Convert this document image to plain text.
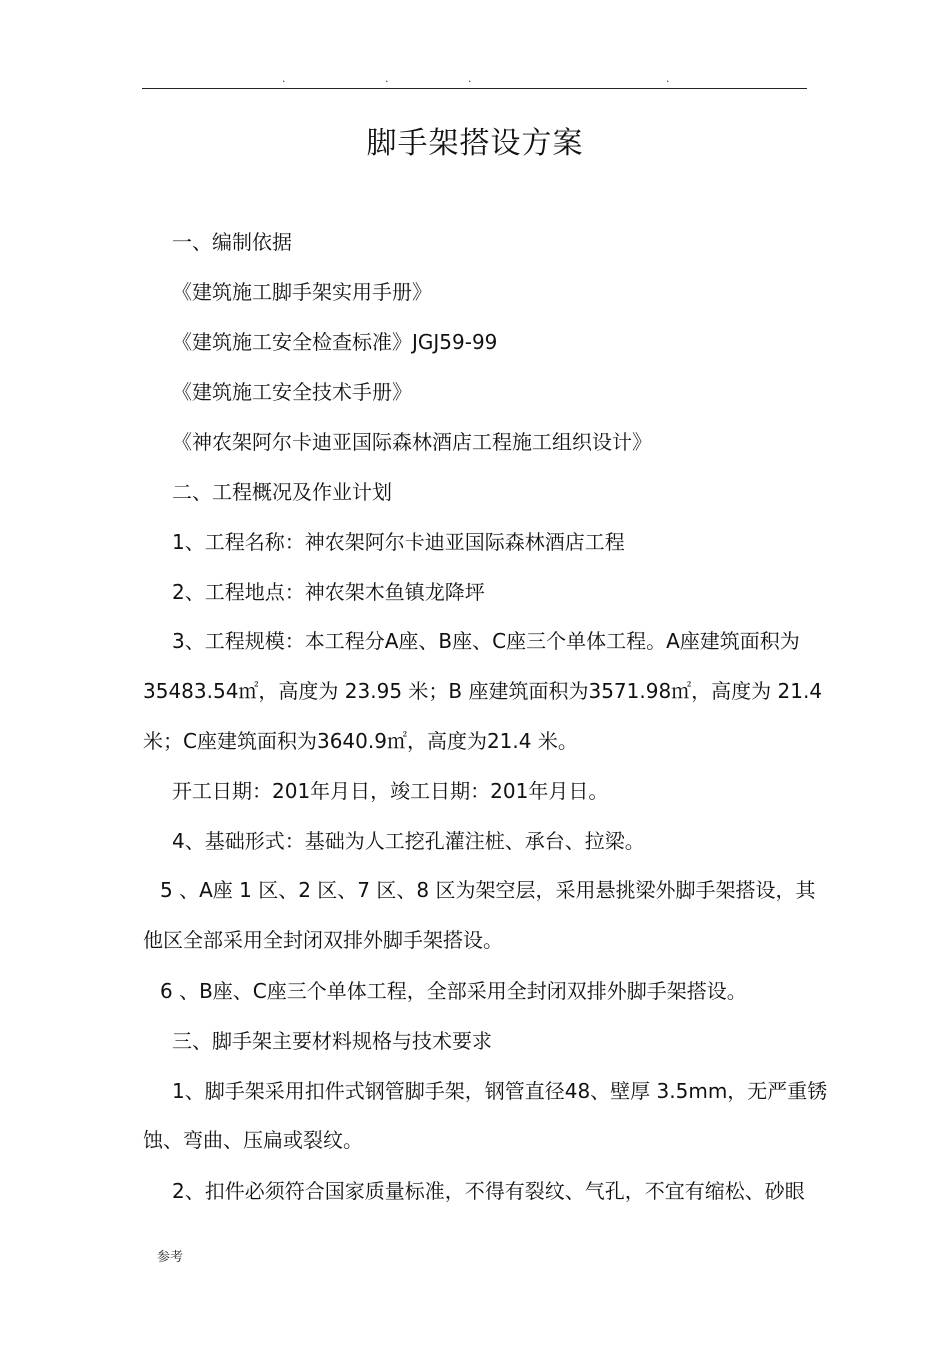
.	.	.	.
脚手架搭设方案
一、编制依据
《建筑施工脚手架实用手册》
《建筑施工安全检查标准》JGJ59-99
《建筑施工安全技术手册》
《神农架阿尔卡迪亚国际森林酒店工程施工组织设计》
二、工程概况及作业计划
1、工程名称：神农架阿尔卡迪亚国际森林酒店工程
2、工程地点：神农架木鱼镇龙降坪
3、工程规模：本工程分A座、B座、C座三个单体工程。A座建筑面积为
35483.54㎡，高度为 23.95 米；B 座建筑面积为3571.98㎡，高度为 21.4
米；C座建筑面积为3640.9㎡，高度为21.4 米。
开工日期：201年月日，竣工日期：201年月日。
4、基础形式：基础为人工挖孔灌注桩、承台、拉梁。
5 、A座 1 区、2 区、7 区、8 区为架空层，采用悬挑梁外脚手架搭设，其
他区全部采用全封闭双排外脚手架搭设。
6 、B座、C座三个单体工程，全部采用全封闭双排外脚手架搭设。
三、脚手架主要材料规格与技术要求
1、脚手架采用扣件式钢管脚手架，钢管直径48、壁厚 3.5mm，无严重锈
蚀、弯曲、压扁或裂纹。
2、扣件必须符合国家质量标准，不得有裂纹、气孔，不宜有缩松、砂眼
参考
